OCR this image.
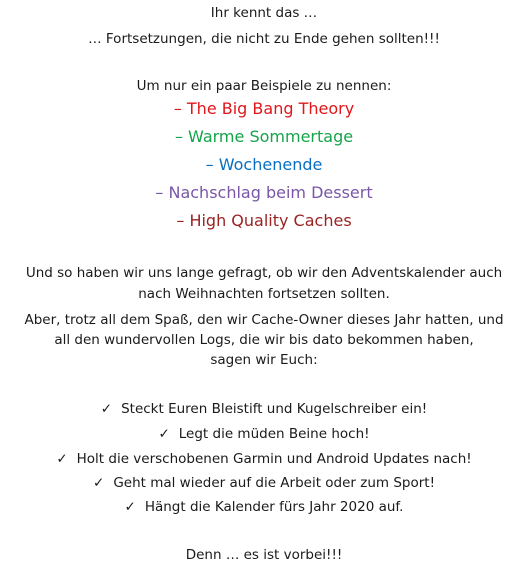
Ihr kennt das …
… Fortsetzungen, die nicht zu Ende gehen sollten!!!
Um nur ein paar Beispiele zu nennen:
– The Big Bang Theory
– Warme Sommertage
– Wochenende
– Nachschlag beim Dessert
– High Quality Caches
Und so haben wir uns lange gefragt, ob wir den Adventskalender auch
nach Weihnachten fortsetzen sollten.
Aber, trotz all dem Spaß, den wir Cache-Owner dieses Jahr hatten, und
all den wundervollen Logs, die wir bis dato bekommen haben,
sagen wir Euch:
✓ Steckt Euren Bleistift und Kugelschreiber ein!
✓ Legt die müden Beine hoch!
✓ Holt die verschobenen Garmin und Android Updates nach!
✓ Geht mal wieder auf die Arbeit oder zum Sport!
✓ Hängt die Kalender fürs Jahr 2020 auf.
Denn … es ist vorbei!!!
